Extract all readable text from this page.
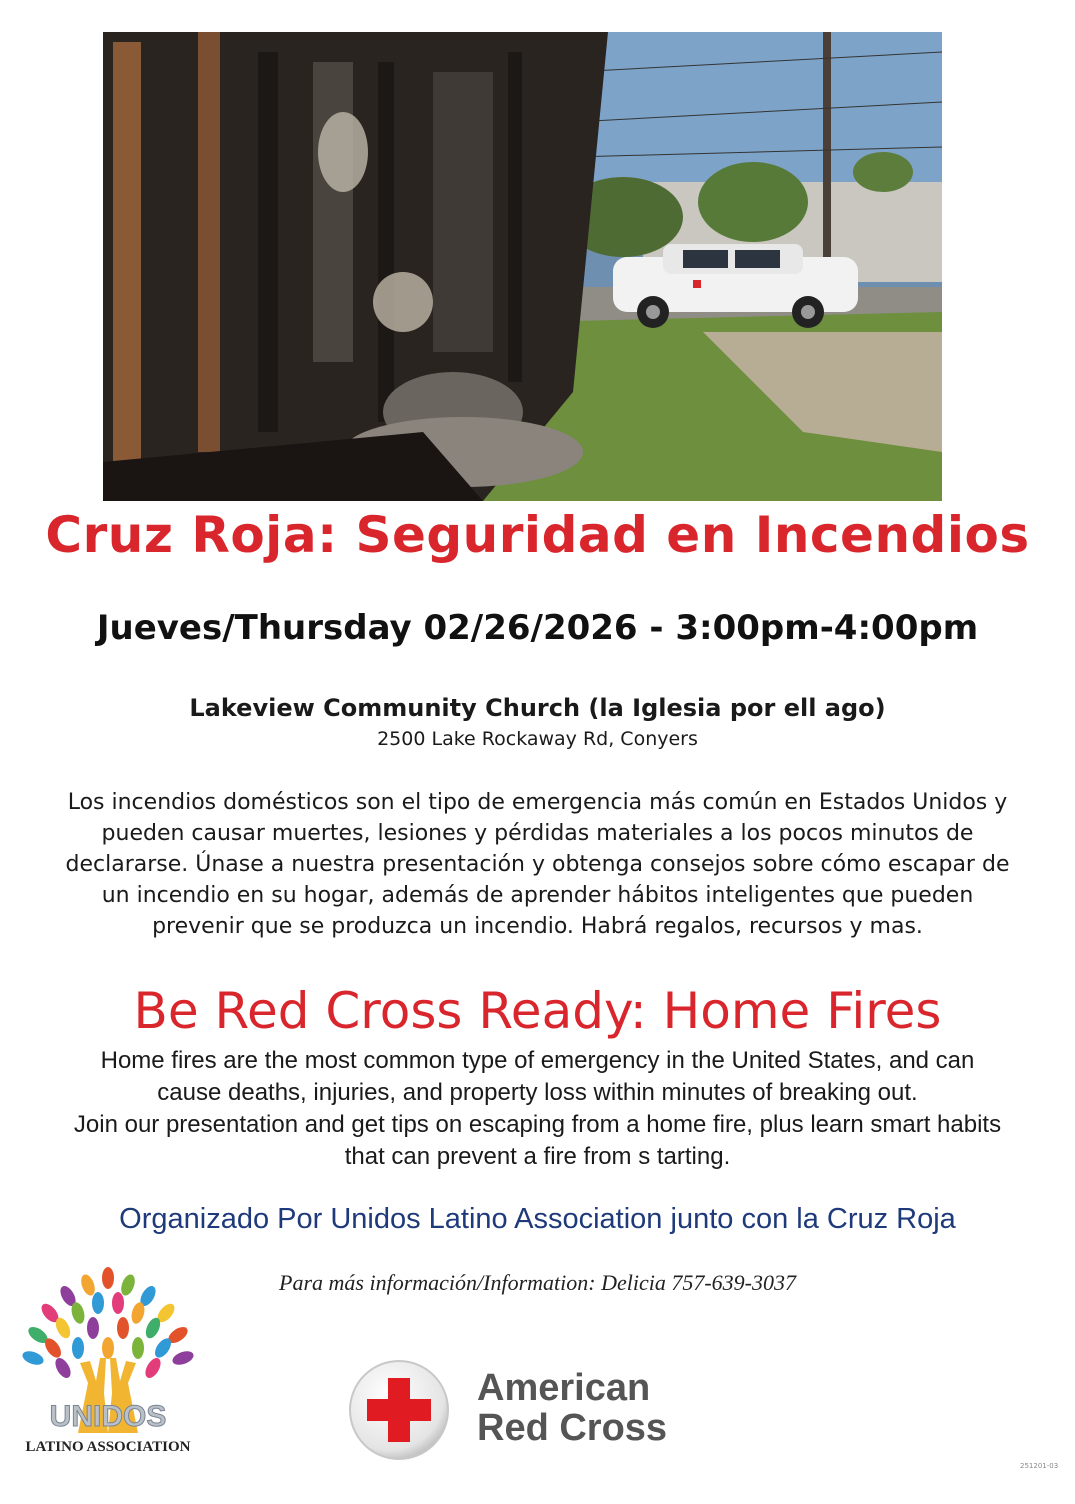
Cruz Roja: Seguridad en Incendios
Jueves/Thursday 02/26/2026 - 3:00pm-4:00pm
Lakeview Community Church (la Iglesia por ell ago)
2500 Lake Rockaway Rd, Conyers
Los incendios domésticos son el tipo de emergencia más común en Estados Unidos y
pueden causar muertes, lesiones y pérdidas materiales a los pocos minutos de
declararse. Únase a nuestra presentación y obtenga consejos sobre cómo escapar de
un incendio en su hogar, además de aprender hábitos inteligentes que pueden
prevenir que se produzca un incendio. Habrá regalos, recursos y mas.
Be Red Cross Ready: Home Fires
Home fires are the most common type of emergency in the United States, and can
cause deaths, injuries, and property loss within minutes of breaking out.
Join our presentation and get tips on escaping from a home fire, plus learn smart habits
that can prevent a fire from s tarting.
Organizado Por Unidos Latino Association junto con la Cruz Roja
Para más información/Information: Delicia 757-639-3037
UNIDOS
LATINO ASSOCIATION
American
Red Cross
251201-03
